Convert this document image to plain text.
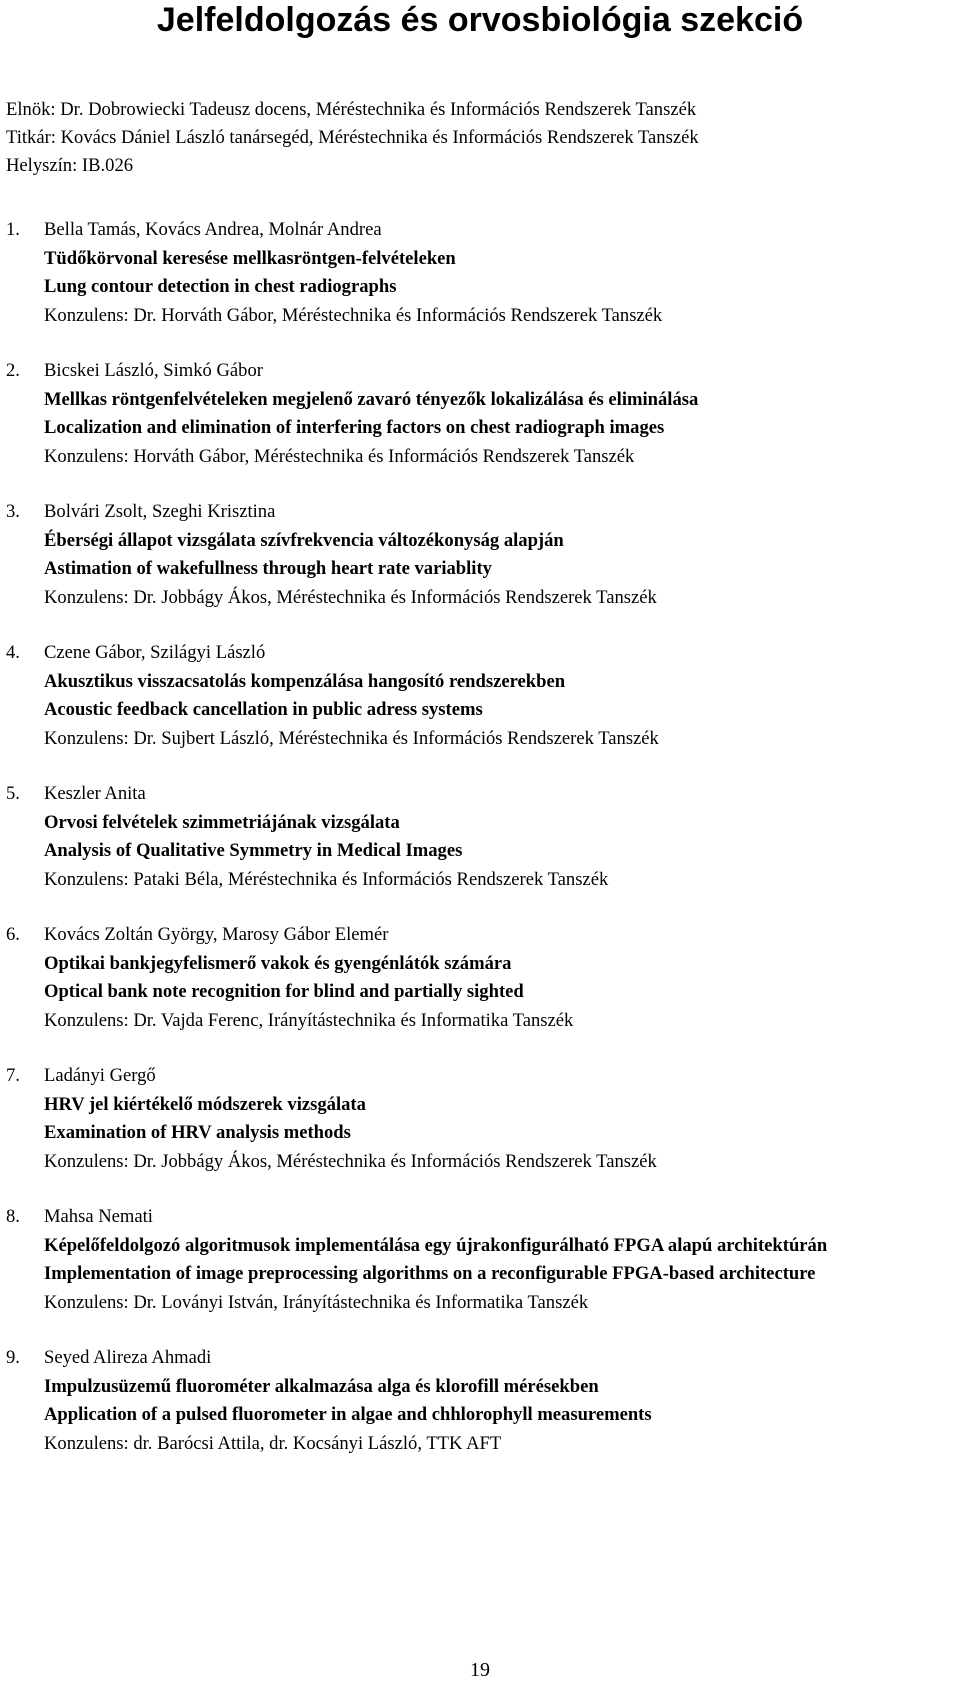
Jelfeldolgozás és orvosbiológia szekció
Elnök: Dr. Dobrowiecki Tadeusz docens, Méréstechnika és Információs Rendszerek Tanszék
Titkár: Kovács Dániel László tanársegéd, Méréstechnika és Információs Rendszerek Tanszék
Helyszín: IB.026
1. Bella Tamás, Kovács Andrea, Molnár Andrea
Tüdőkörvonal keresése mellkasröntgen-felvételeken
Lung contour detection in chest radiographs
Konzulens: Dr. Horváth Gábor, Méréstechnika és Információs Rendszerek Tanszék
2. Bicskei László, Simkó Gábor
Mellkas röntgenfelvételeken megjelenő zavaró tényezők lokalizálása és eliminálása
Localization and elimination of interfering factors on chest radiograph images
Konzulens: Horváth Gábor, Méréstechnika és Információs Rendszerek Tanszék
3. Bolvári Zsolt, Szeghi Krisztina
Éberségi állapot vizsgálata szívfrekvencia változékonyság alapján
Astimation of wakefullness through heart rate variablity
Konzulens: Dr. Jobbágy Ákos, Méréstechnika és Információs Rendszerek Tanszék
4. Czene Gábor, Szilágyi László
Akusztikus visszacsatolás kompenzálása hangosító rendszerekben
Acoustic feedback cancellation in public adress systems
Konzulens: Dr. Sujbert László, Méréstechnika és Információs Rendszerek Tanszék
5. Keszler Anita
Orvosi felvételek szimmetriájának vizsgálata
Analysis of Qualitative Symmetry in Medical Images
Konzulens: Pataki Béla, Méréstechnika és Információs Rendszerek Tanszék
6. Kovács Zoltán György, Marosy Gábor Elemér
Optikai bankjegyfelismerő vakok és gyengénlátók számára
Optical bank note recognition for blind and partially sighted
Konzulens: Dr. Vajda Ferenc, Irányítástechnika és Informatika Tanszék
7. Ladányi Gergő
HRV jel kiértékelő módszerek vizsgálata
Examination of HRV analysis methods
Konzulens: Dr. Jobbágy Ákos, Méréstechnika és Információs Rendszerek Tanszék
8. Mahsa Nemati
Képelőfeldolgozó algoritmusok implementálása egy újrakonfigurálható FPGA alapú architektúrán
Implementation of image preprocessing algorithms on a reconfigurable FPGA-based architecture
Konzulens: Dr. Loványi István, Irányítástechnika és Informatika Tanszék
9. Seyed Alireza Ahmadi
Impulzusüzemű fluorométer alkalmazása alga és klorofill mérésekben
Application of a pulsed fluorometer in algae and chhlorophyll measurements
Konzulens: dr. Barócsi Attila, dr. Kocsányi László, TTK AFT
19
